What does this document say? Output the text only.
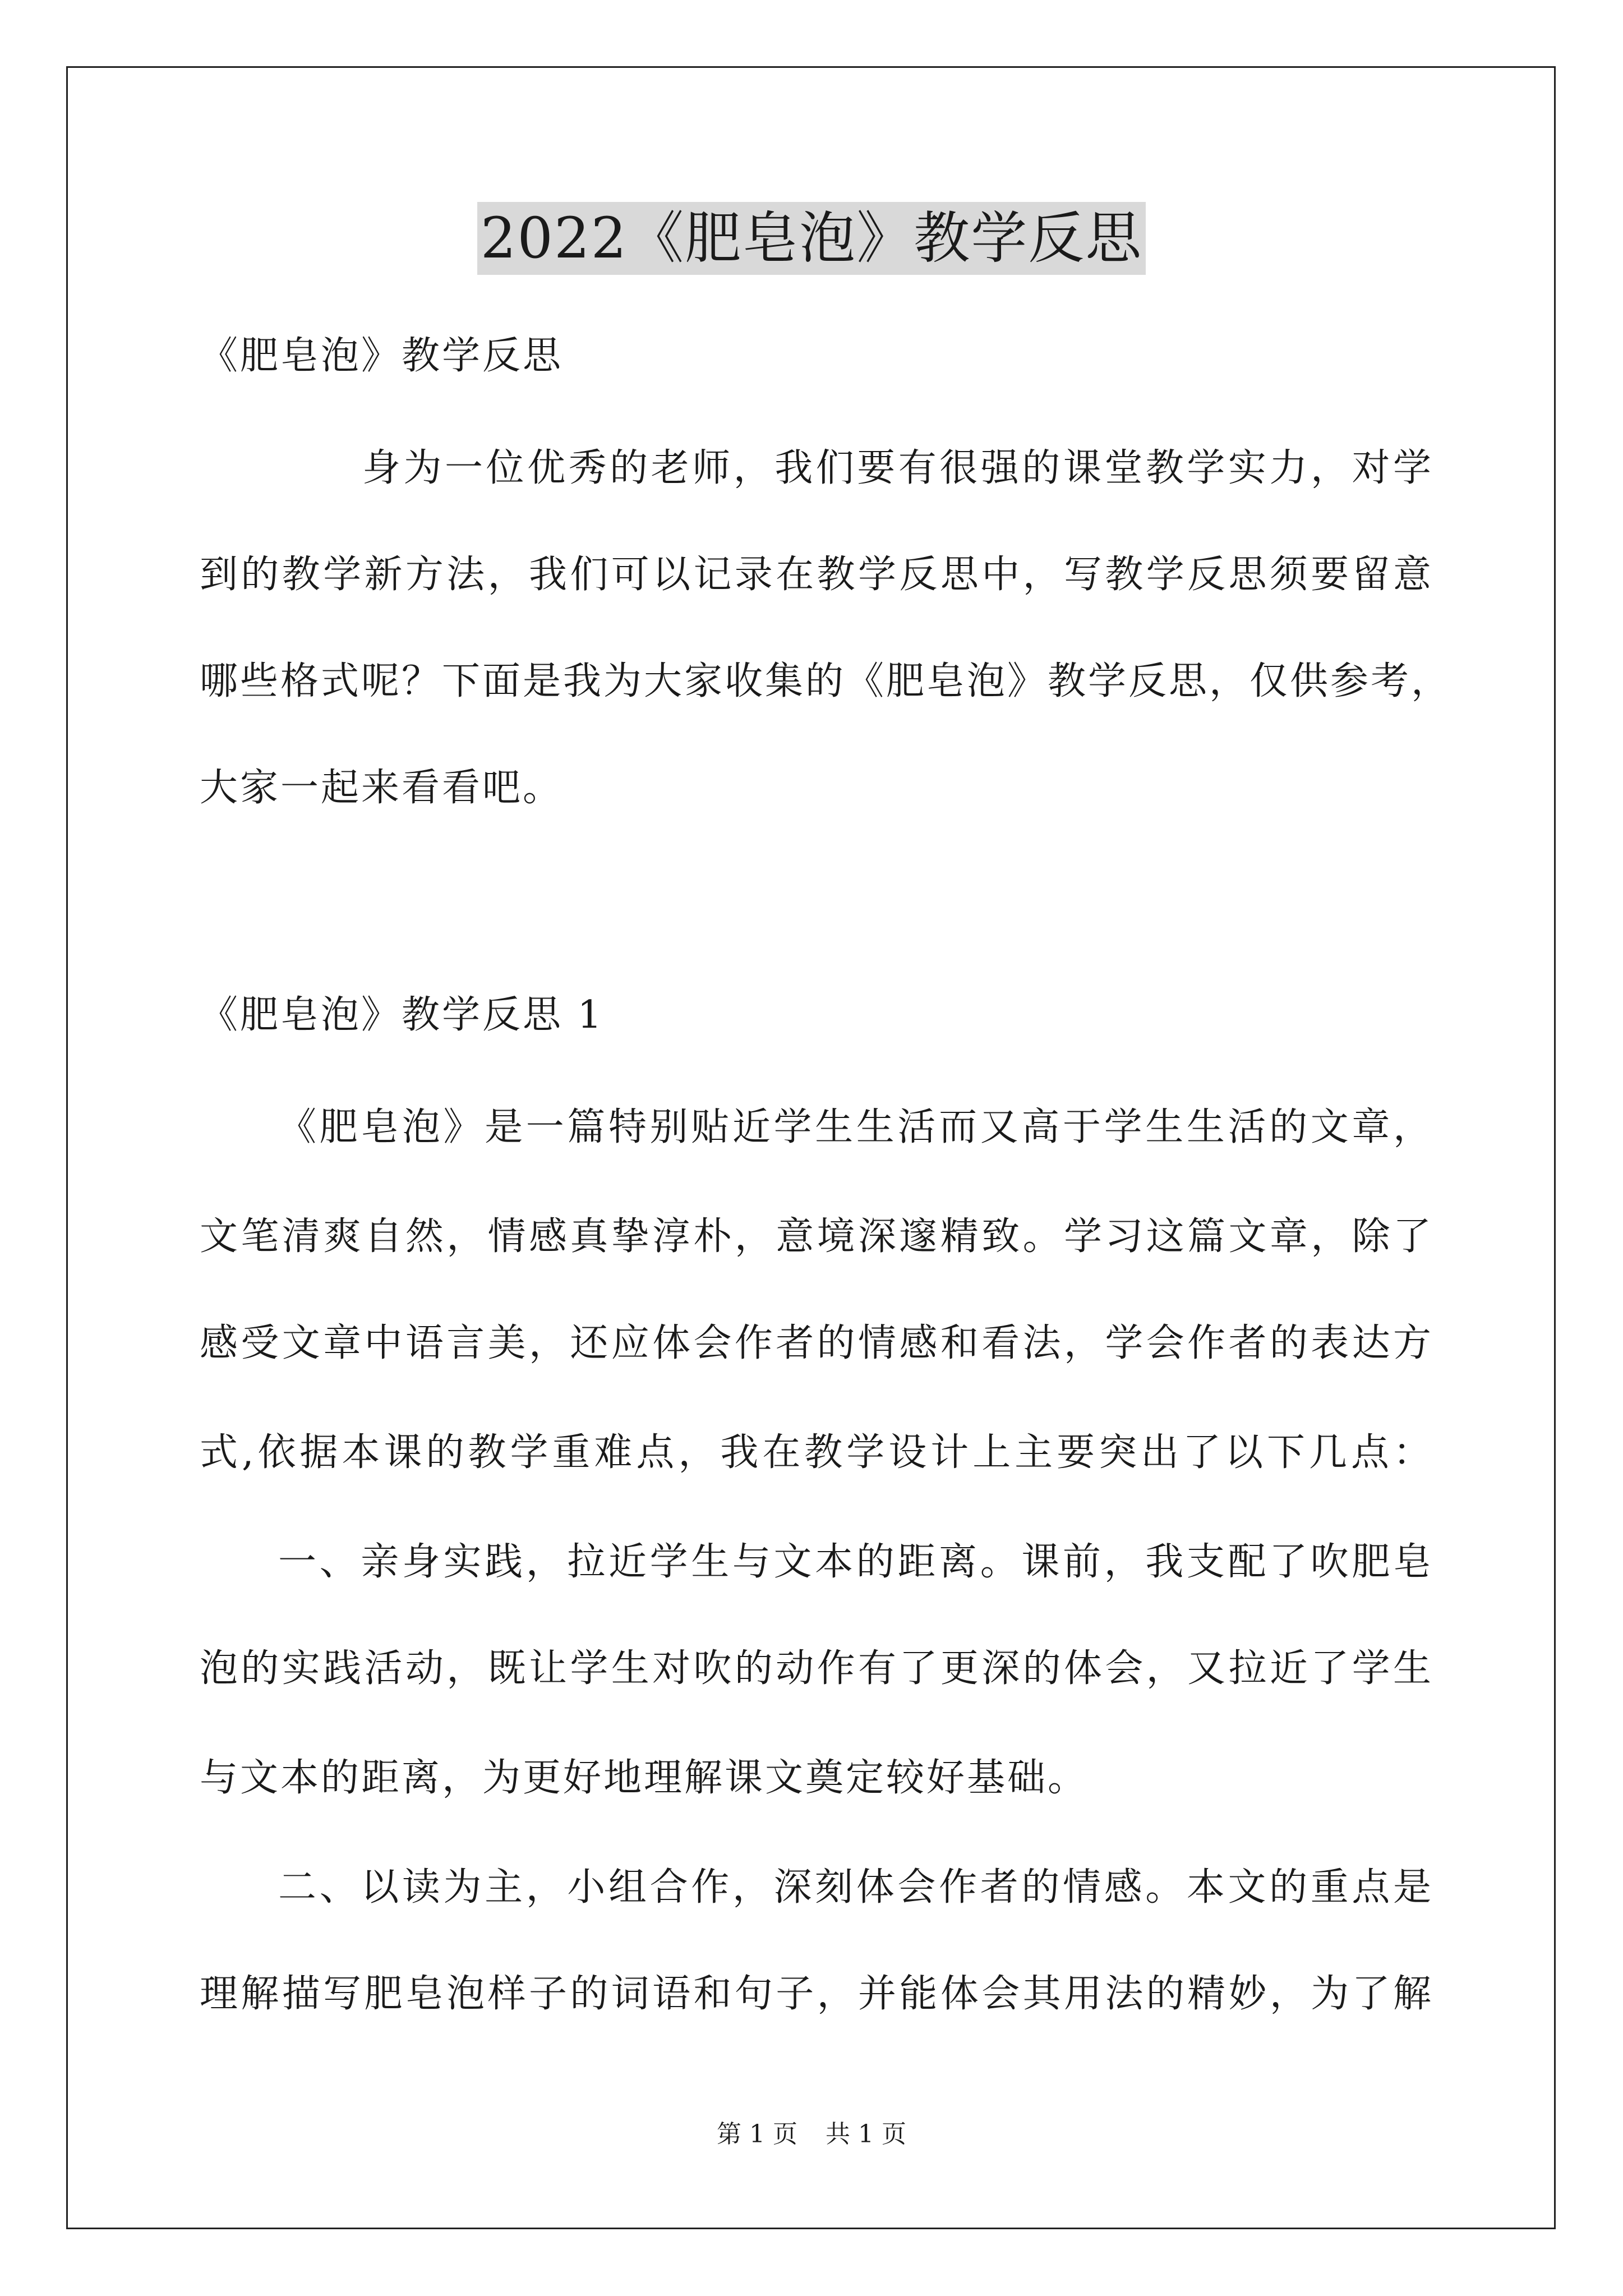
2022《肥皂泡》教学反思
《肥皂泡》教学反思
身为一位优秀的老师，我们要有很强的课堂教学实力，对学
到的教学新方法，我们可以记录在教学反思中，写教学反思须要留意
哪些格式呢？下面是我为大家收集的《肥皂泡》教学反思，仅供参考，
大家一起来看看吧。
《肥皂泡》教学反思 1
《肥皂泡》是一篇特别贴近学生生活而又高于学生生活的文章，
文笔清爽自然，情感真挚淳朴，意境深邃精致。学习这篇文章，除了
感受文章中语言美，还应体会作者的情感和看法，学会作者的表达方
式,依据本课的教学重难点，我在教学设计上主要突出了以下几点：
一、亲身实践，拉近学生与文本的距离。课前，我支配了吹肥皂
泡的实践活动，既让学生对吹的动作有了更深的体会，又拉近了学生
与文本的距离，为更好地理解课文奠定较好基础。
二、以读为主，小组合作，深刻体会作者的情感。本文的重点是
理解描写肥皂泡样子的词语和句子，并能体会其用法的精妙，为了解
第 1 页 共 1 页
